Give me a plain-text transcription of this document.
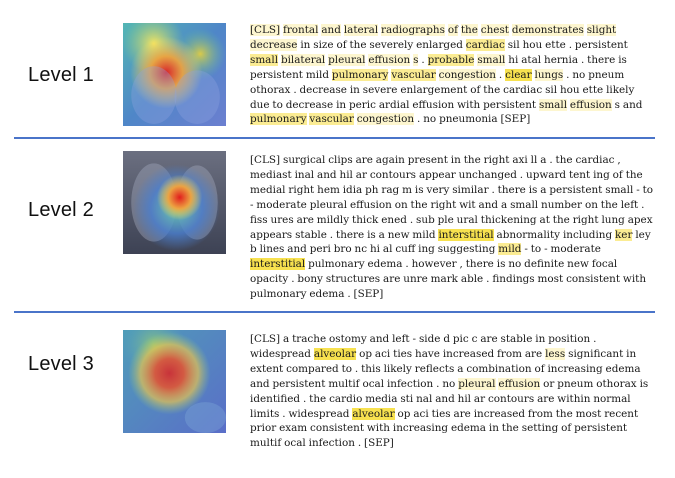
Level 1

[CLS] frontal and lateral radiographs of the chest demonstrates slight decrease in size of the severely enlarged cardiac sil hou ette . persistent small bilateral pleural effusion s . probable small hi atal hernia . there is persistent mild pulmonary vascular congestion . clear lungs . no pneum othorax . decrease in severe enlargement of the cardiac sil hou ette likely due to decrease in peric ardial effusion with persistent small effusion s and pulmonary vascular congestion . no pneumonia [SEP]

Level 2

[CLS] surgical clips are again present in the right axi ll a . the cardiac , mediast inal and hil ar contours appear unchanged . upward tent ing of the medial right hem idia ph rag m is very similar . there is a persistent small - to - moderate pleural effusion on the right wit and a small number on the left . fiss ures are mildly thick ened . sub ple ural thickening at the right lung apex appears stable . there is a new mild interstitial abnormality including ker ley b lines and peri bro nc hi al cuff ing suggesting mild - to - moderate interstitial pulmonary edema . however , there is no definite new focal opacity . bony structures are unre mark able . findings most consistent with pulmonary edema . [SEP]

Level 3

[CLS] a trache ostomy and left - side d pic c are stable in position . widespread alveolar op aci ties have increased from are less significant in extent compared to . this likely reflects a combination of increasing edema and persistent multif ocal infection . no pleural effusion or pneum othorax is identified . the cardio media sti nal and hil ar contours are within normal limits . widespread alveolar op aci ties are increased from the most recent prior exam consistent with increasing edema in the setting of persistent multif ocal infection . [SEP]
